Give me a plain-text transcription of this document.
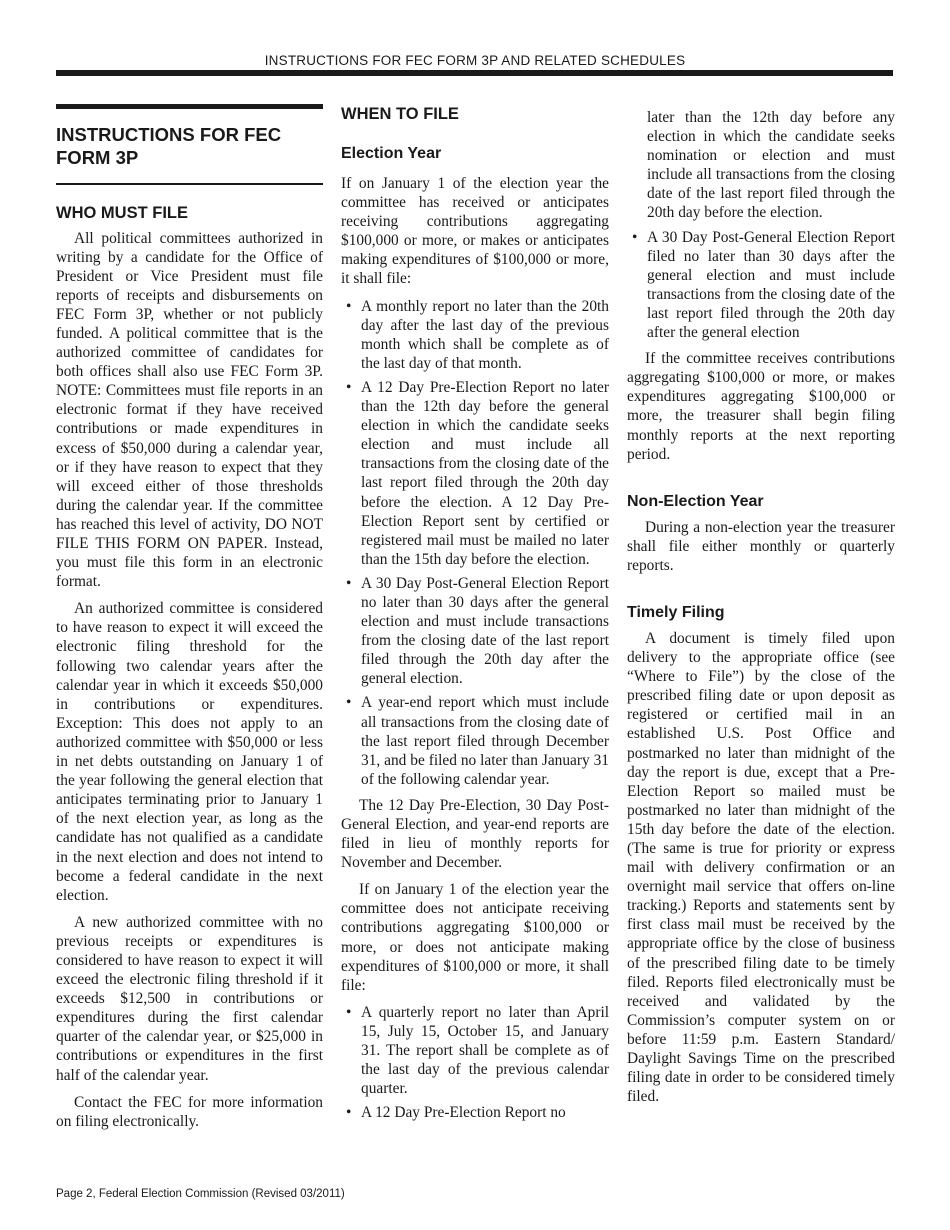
INSTRUCTIONS FOR FEC FORM 3P AND RELATED SCHEDULES
INSTRUCTIONS FOR FEC FORM 3P
WHO MUST FILE

All political committees authorized in writing by a candidate for the Office of President or Vice President must file reports of receipts and disbursements on FEC Form 3P, whether or not publicly funded. A political committee that is the authorized committee of candidates for both offices shall also use FEC Form 3P. NOTE: Committees must file reports in an electronic format if they have received contributions or made expenditures in excess of $50,000 during a calendar year, or if they have reason to expect that they will exceed either of those thresholds during the calendar year. If the committee has reached this level of activity, DO NOT FILE THIS FORM ON PAPER. Instead, you must file this form in an electronic format.

An authorized committee is considered to have reason to expect it will exceed the electronic filing threshold for the following two calendar years after the calendar year in which it exceeds $50,000 in contributions or expenditures. Exception: This does not apply to an authorized committee with $50,000 or less in net debts outstanding on January 1 of the year following the general election that anticipates terminating prior to January 1 of the next election year, as long as the candidate has not qualified as a candidate in the next election and does not intend to become a federal candidate in the next election.

A new authorized committee with no previous receipts or expenditures is considered to have reason to expect it will exceed the electronic filing threshold if it exceeds $12,500 in contributions or expenditures during the first calendar quarter of the calendar year, or $25,000 in contributions or expenditures in the first half of the calendar year.

Contact the FEC for more information on filing electronically.

WHEN TO FILE
Election Year

If on January 1 of the election year the committee has received or anticipates receiving contributions aggregating $100,000 or more, or makes or anticipates making expenditures of $100,000 or more, it shall file:

• A monthly report no later than the 20th day after the last day of the previous month which shall be complete as of the last day of that month.
• A 12 Day Pre-Election Report no later than the 12th day before the general election in which the candidate seeks election and must include all transactions from the closing date of the last report filed through the 20th day before the election. A 12 Day Pre- Election Report sent by certified or registered mail must be mailed no later than the 15th day before the election.
• A 30 Day Post-General Election Report no later than 30 days after the general election and must include transactions from the closing date of the last report filed through the 20th day after the general election.
• A year-end report which must include all transactions from the closing date of the last report filed through December 31, and be filed no later than January 31 of the following calendar year.

The 12 Day Pre-Election, 30 Day Post-General Election, and year-end reports are filed in lieu of monthly reports for November and December.

If on January 1 of the election year the committee does not anticipate receiving contributions aggregating $100,000 or more, or does not anticipate making expenditures of $100,000 or more, it shall file:

• A quarterly report no later than April 15, July 15, October 15, and January 31. The report shall be complete as of the last day of the previous calendar quarter.
• A 12 Day Pre-Election Report no
later than the 12th day before any election in which the candidate seeks nomination or election and must include all transactions from the closing date of the last report filed through the 20th day before the election.
• A 30 Day Post-General Election Report filed no later than 30 days after the general election and must include transactions from the closing date of the last report filed through the 20th day after the general election

If the committee receives contributions aggregating $100,000 or more, or makes expenditures aggregating $100,000 or more, the treasurer shall begin filing monthly reports at the next reporting period.

Non-Election Year

During a non-election year the treasurer shall file either monthly or quarterly reports.

Timely Filing

A document is timely filed upon delivery to the appropriate office (see “Where to File”) by the close of the prescribed filing date or upon deposit as registered or certified mail in an established U.S. Post Office and postmarked no later than midnight of the day the report is due, except that a Pre- Election Report so mailed must be postmarked no later than midnight of the 15th day before the date of the election. (The same is true for priority or express mail with delivery confirmation or an overnight mail service that offers on-line tracking.) Reports and statements sent by first class mail must be received by the appropriate office by the close of business of the prescribed filing date to be timely filed. Reports filed electronically must be received and validated by the Commission’s computer system on or before 11:59 p.m. Eastern Standard/ Daylight Savings Time on the prescribed filing date in order to be considered timely filed.

Page 2, Federal Election Commission (Revised 03/2011)
